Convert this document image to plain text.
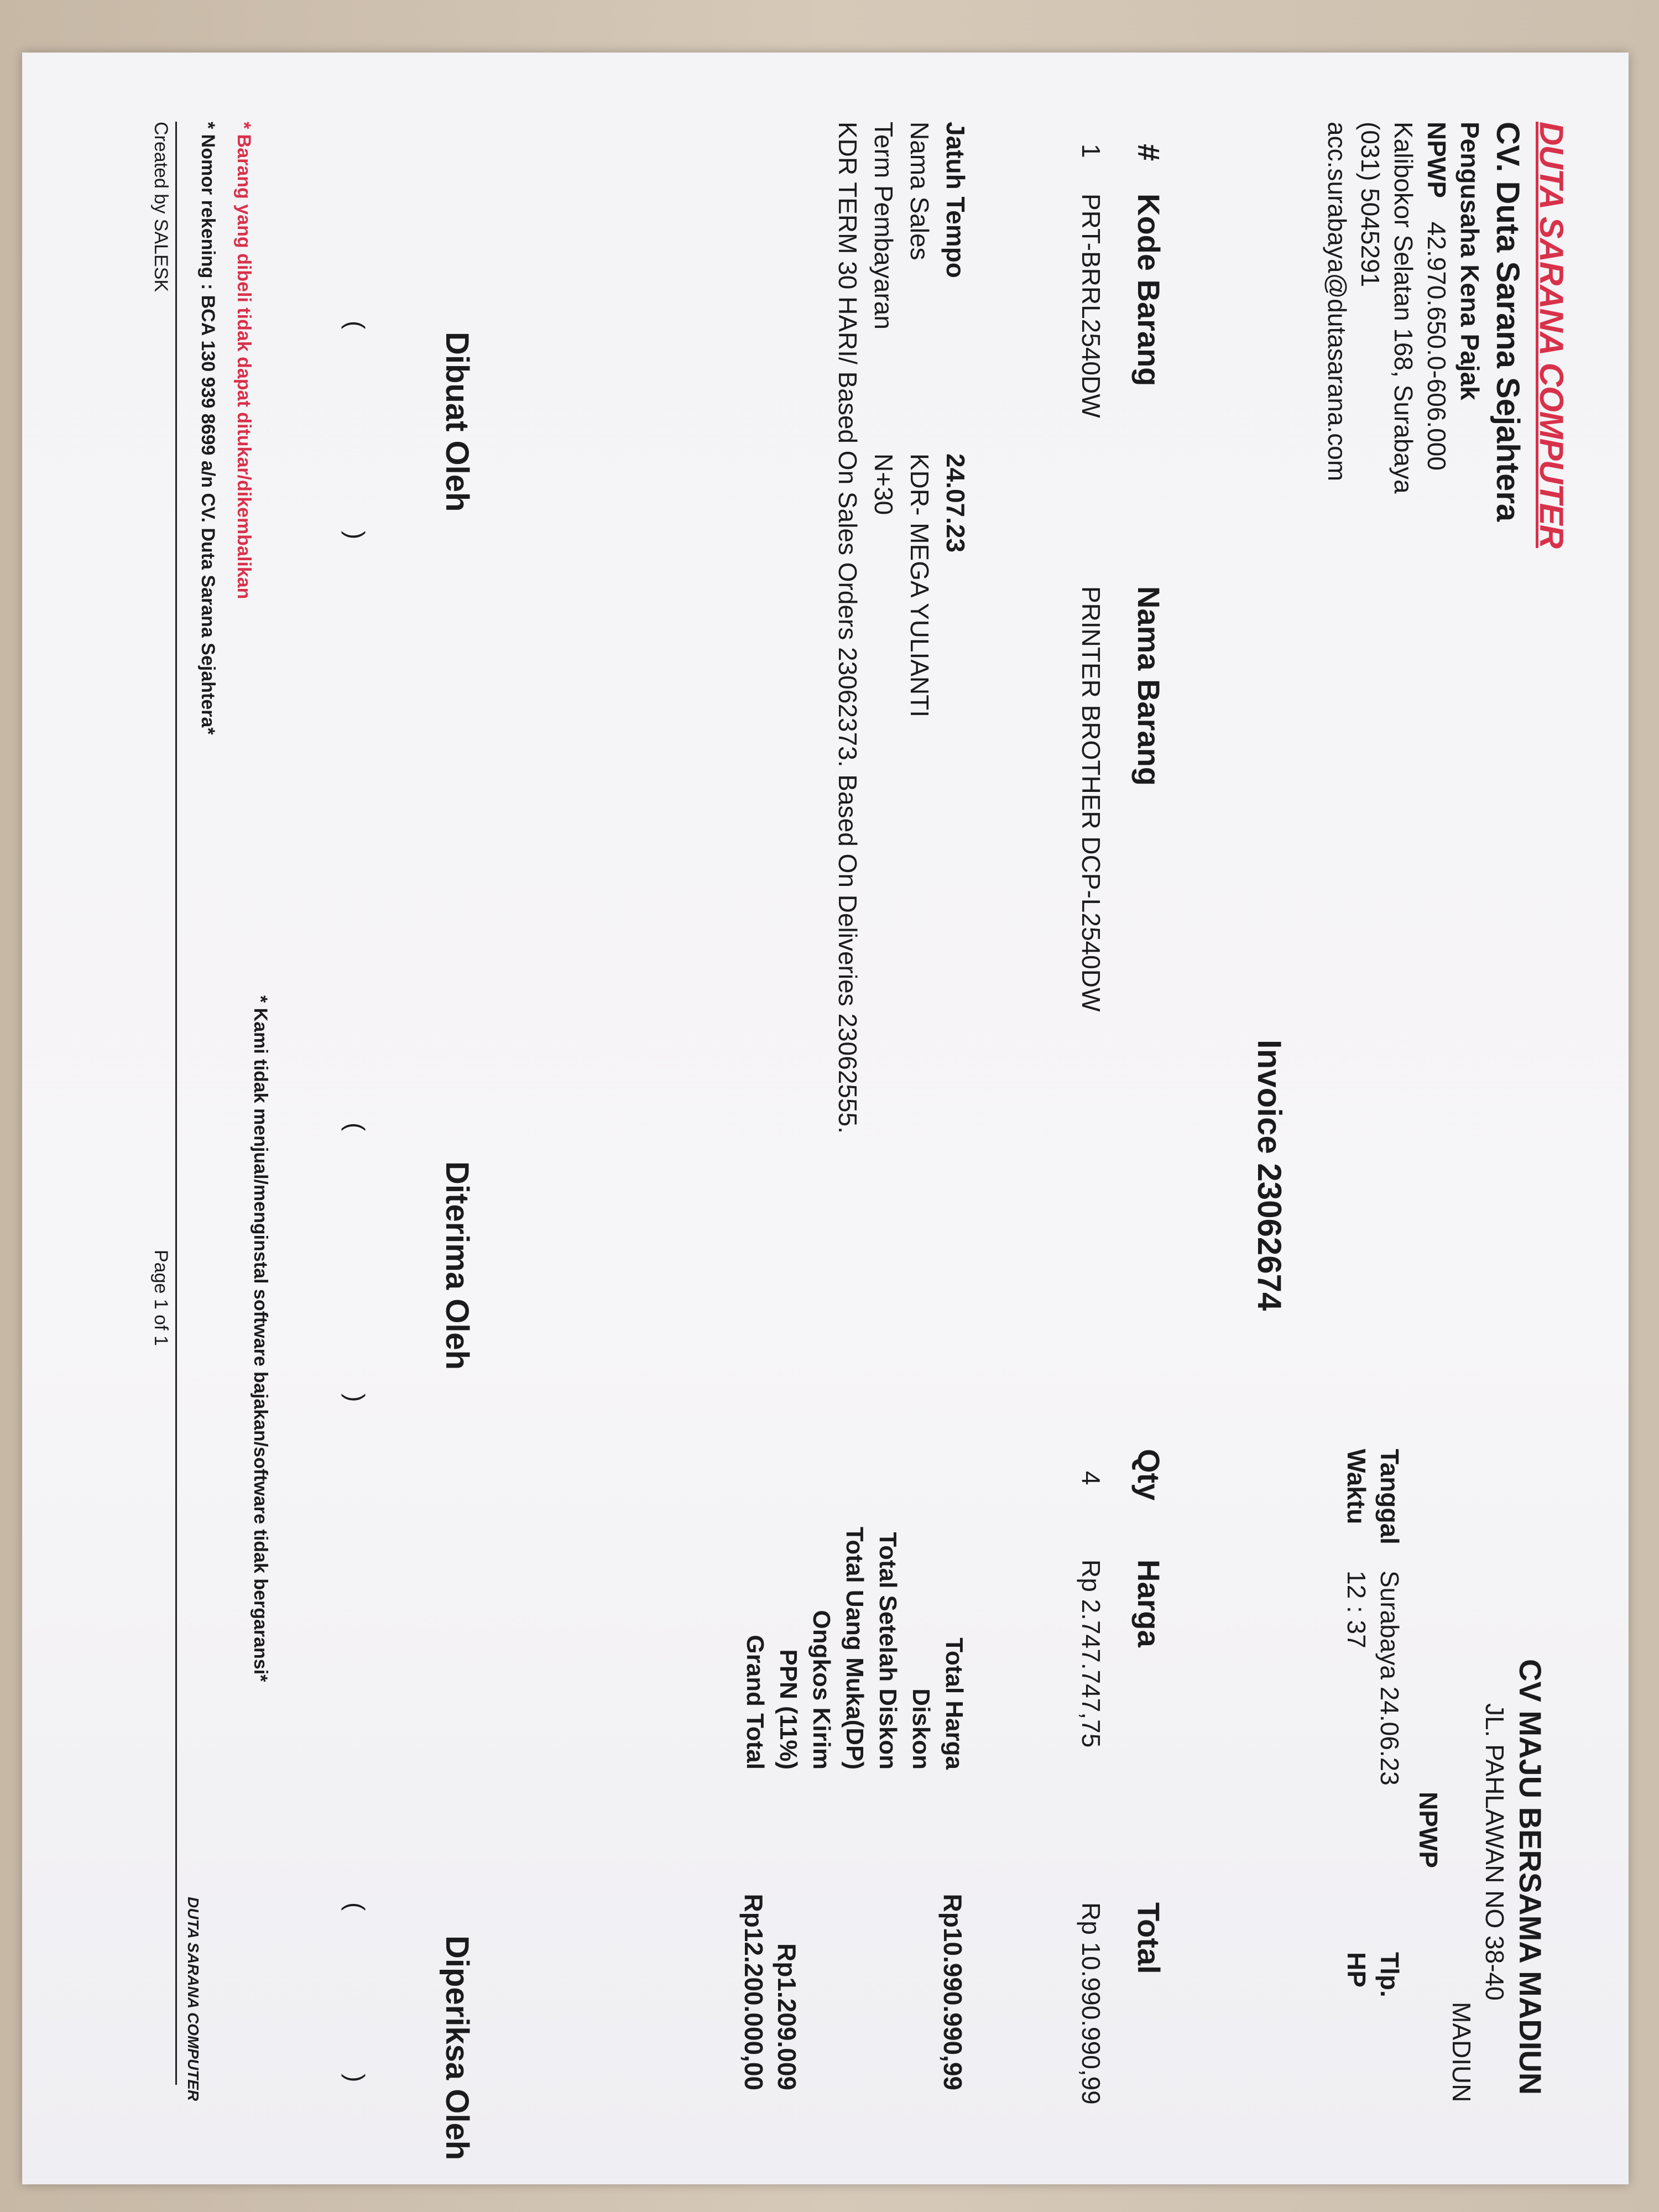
DUTA SARANA COMPUTER
CV. Duta Sarana Sejahtera
Pengusaha Kena Pajak
NPWP 42.970.650.0-606.000
Kalibokor Selatan 168, Surabaya
(031) 5045291
acc.surabaya@dutasarana.com
CV MAJU BERSAMA MADIUN
JL. PAHLAWAN NO 38-40
MADIUN
NPWP
Tanggal
Surabaya 24.06.23
Tlp.
Waktu
12 : 37
HP
Invoice 23062674
#
Kode Barang
Nama Barang
Qty
Harga
Total
1
PRT-BRRL2540DW
PRINTER BROTHER DCP-L2540DW
4
Rp 2.747.747,75
Rp 10.990.990,99
Jatuh Tempo
24.07.23
Nama Sales
KDR- MEGA YULIANTI
Term Pembayaran
N+30
KDR TERM 30 HARI/ Based On Sales Orders 23062373. Based On Deliveries 23062555.
Total Harga
Rp10.990.990,99
Diskon
Total Setelah Diskon
Total Uang Muka(DP)
Ongkos Kirim
PPN (11%)
Rp1.209.009
Grand Total
Rp12.200.000,00
Dibuat Oleh
Diterima Oleh
Diperiksa Oleh
(
)
(
)
(
)
* Barang yang dibeli tidak dapat ditukar/dikembalikan
* Kami tidak menjual/menginstal software bajakan/software tidak bergaransi*
* Nomor rekening : BCA 130 939 8699 a/n CV. Duta Sarana Sejahtera*
Created by SALESK
Page 1 of 1
DUTA SARANA COMPUTER
